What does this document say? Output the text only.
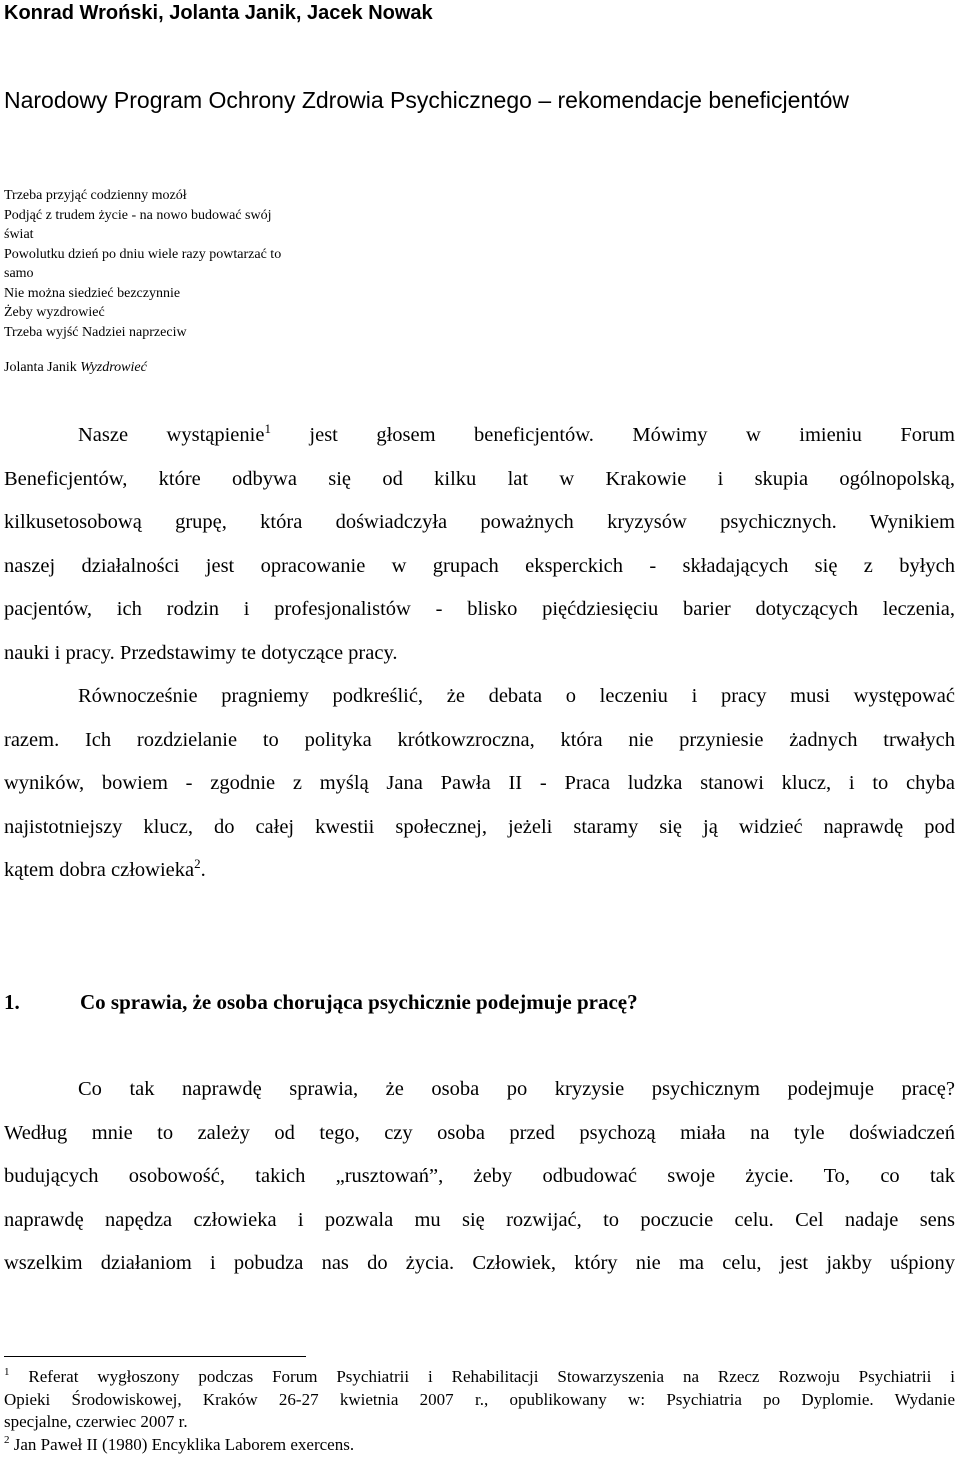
Konrad Wroński, Jolanta Janik, Jacek Nowak
Narodowy Program Ochrony Zdrowia Psychicznego – rekomendacje beneficjentów
Trzeba przyjąć codzienny mozół
Podjąć z trudem życie - na nowo budować swój
świat
Powolutku dzień po dniu wiele razy powtarzać to
samo
Nie można siedzieć bezczynnie
Żeby wyzdrowieć
Trzeba wyjść Nadziei naprzeciw
Jolanta Janik Wyzdrowieć
Nasze wystąpienie$^1$ jest głosem beneficjentów. Mówimy w imieniu Forum
Beneficjentów, które odbywa się od kilku lat w Krakowie i skupia ogólnopolską,
kilkusetosobową grupę, która doświadczyła poważnych kryzysów psychicznych. Wynikiem
naszej działalności jest opracowanie w grupach eksperckich - składających się z byłych
pacjentów, ich rodzin i profesjonalistów - blisko pięćdziesięciu barier dotyczących leczenia,
nauki i pracy. Przedstawimy te dotyczące pracy.
Równocześnie pragniemy podkreślić, że debata o leczeniu i pracy musi występować
razem. Ich rozdzielanie to polityka krótkowzroczna, która nie przyniesie żadnych trwałych
wyników, bowiem - zgodnie z myślą Jana Pawła II - Praca ludzka stanowi klucz, i to chyba
najistotniejszy klucz, do całej kwestii społecznej, jeżeli staramy się ją widzieć naprawdę pod
kątem dobra człowieka$^2$.
1.	Co sprawia, że osoba chorująca psychicznie podejmuje pracę?
Co tak naprawdę sprawia, że osoba po kryzysie psychicznym podejmuje pracę?
Według mnie to zależy od tego, czy osoba przed psychozą miała na tyle doświadczeń
budujących osobowość, takich „rusztowań”, żeby odbudować swoje życie. To, co tak
naprawdę napędza człowieka i pozwala mu się rozwijać, to poczucie celu. Cel nadaje sens
wszelkim działaniom i pobudza nas do życia. Człowiek, który nie ma celu, jest jakby uśpiony
$^1$ Referat wygłoszony podczas Forum Psychiatrii i Rehabilitacji Stowarzyszenia na Rzecz Rozwoju Psychiatrii i
Opieki Środowiskowej, Kraków 26-27 kwietnia 2007 r., opublikowany w: Psychiatria po Dyplomie. Wydanie
specjalne, czerwiec 2007 r.
$^2$ Jan Paweł II (1980) Encyklika Laborem exercens.
